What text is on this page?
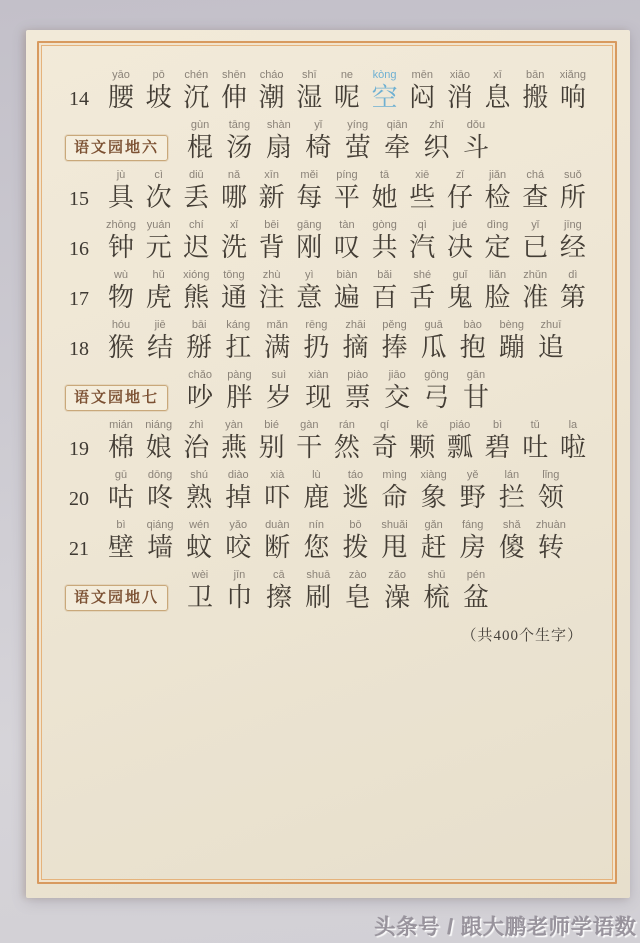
14
yāo
腰
pō
坡
chén
沉
shēn
伸
cháo
潮
shī
湿
ne
呢
kòng
空
mēn
闷
xiāo
消
xī
息
bān
搬
xiǎng
响
语文园地六
gùn
棍
tāng
汤
shàn
扇
yǐ
椅
yíng
萤
qiān
牵
zhī
织
dǒu
斗
15
jù
具
cì
次
diū
丢
nǎ
哪
xīn
新
měi
每
píng
平
tā
她
xiē
些
zǐ
仔
jiǎn
检
chá
查
suǒ
所
16
zhōng
钟
yuán
元
chí
迟
xǐ
洗
bēi
背
gāng
刚
tàn
叹
gòng
共
qì
汽
jué
决
dìng
定
yǐ
已
jīng
经
17
wù
物
hǔ
虎
xióng
熊
tōng
通
zhù
注
yì
意
biàn
遍
bǎi
百
shé
舌
guǐ
鬼
liǎn
脸
zhǔn
准
dì
第
18
hóu
猴
jiē
结
bāi
掰
káng
扛
mǎn
满
rēng
扔
zhāi
摘
pěng
捧
guā
瓜
bào
抱
bèng
蹦
zhuī
追
语文园地七
chǎo
吵
pàng
胖
suì
岁
xiàn
现
piào
票
jiāo
交
gōng
弓
gān
甘
19
mián
棉
niáng
娘
zhì
治
yàn
燕
bié
别
gàn
干
rán
然
qí
奇
kē
颗
piáo
瓢
bì
碧
tǔ
吐
la
啦
20
gū
咕
dōng
咚
shú
熟
diào
掉
xià
吓
lù
鹿
táo
逃
mìng
命
xiàng
象
yě
野
lán
拦
lǐng
领
21
bì
壁
qiáng
墙
wén
蚊
yǎo
咬
duàn
断
nín
您
bō
拨
shuǎi
甩
gǎn
赶
fáng
房
shǎ
傻
zhuàn
转
语文园地八
wèi
卫
jīn
巾
cā
擦
shuā
刷
zào
皂
zǎo
澡
shū
梳
pén
盆
（共400个生字）
头条号 / 跟大鹏老师学语数
